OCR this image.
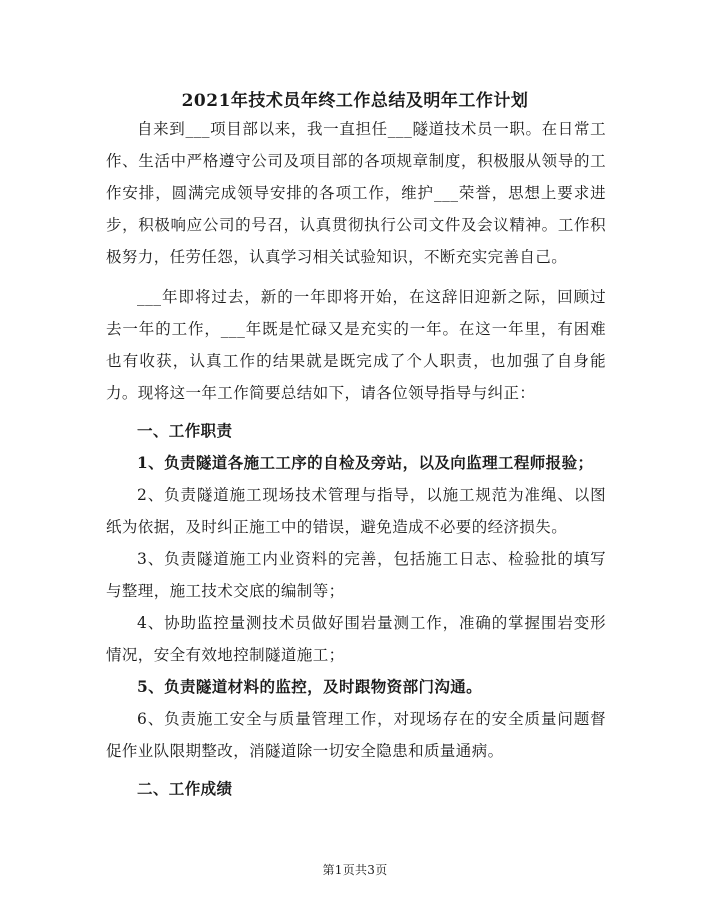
2021年技术员年终工作总结及明年工作计划

自来到___项目部以来，我一直担任___隧道技术员一职。在日常工作、生活中严格遵守公司及项目部的各项规章制度，积极服从领导的工作安排，圆满完成领导安排的各项工作，维护___荣誉，思想上要求进步，积极响应公司的号召，认真贯彻执行公司文件及会议精神。工作积极努力，任劳任怨，认真学习相关试验知识，不断充实完善自己。

___年即将过去，新的一年即将开始，在这辞旧迎新之际，回顾过去一年的工作，___年既是忙碌又是充实的一年。在这一年里，有困难也有收获，认真工作的结果就是既完成了个人职责，也加强了自身能力。现将这一年工作简要总结如下，请各位领导指导与纠正：

一、工作职责

1、负责隧道各施工工序的自检及旁站，以及向监理工程师报验；

2、负责隧道施工现场技术管理与指导，以施工规范为准绳、以图纸为依据，及时纠正施工中的错误，避免造成不必要的经济损失。

3、负责隧道施工内业资料的完善，包括施工日志、检验批的填写与整理，施工技术交底的编制等；

4、协助监控量测技术员做好围岩量测工作，准确的掌握围岩变形情况，安全有效地控制隧道施工；

5、负责隧道材料的监控，及时跟物资部门沟通。

6、负责施工安全与质量管理工作，对现场存在的安全质量问题督促作业队限期整改，消隧道除一切安全隐患和质量通病。

二、工作成绩

第1页共3页
